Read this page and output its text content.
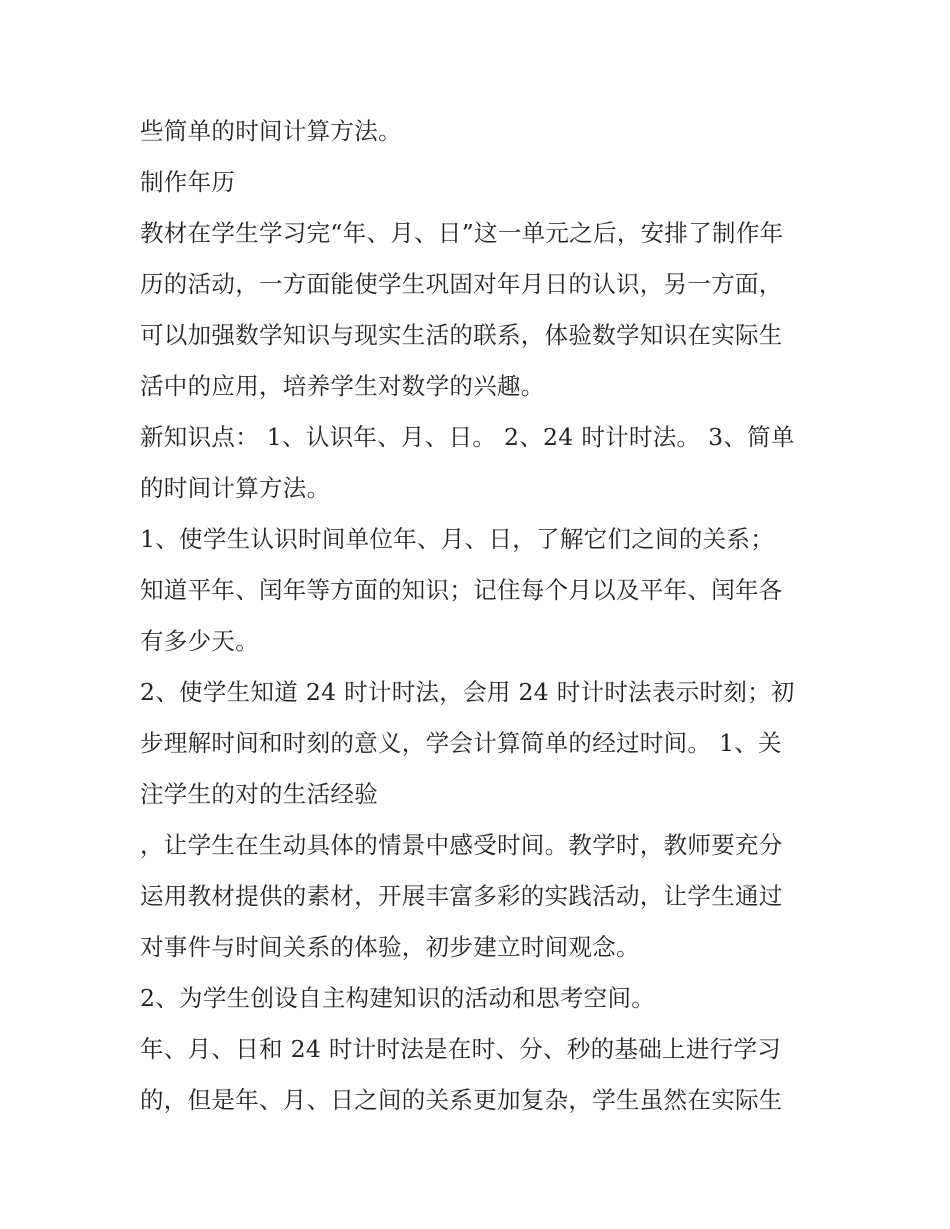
些简单的时间计算方法。
制作年历
教材在学生学习完“年、月、日”这一单元之后，安排了制作年
历的活动，一方面能使学生巩固对年月日的认识，另一方面，
可以加强数学知识与现实生活的联系，体验数学知识在实际生
活中的应用，培养学生对数学的兴趣。
新知识点： 1、认识年、月、日。 2、24 时计时法。 3、简单
的时间计算方法。
1、使学生认识时间单位年、月、日，了解它们之间的关系；
知道平年、闰年等方面的知识；记住每个月以及平年、闰年各
有多少天。
2、使学生知道 24 时计时法，会用 24 时计时法表示时刻；初
步理解时间和时刻的意义，学会计算简单的经过时间。 1、关
注学生的对的生活经验
，让学生在生动具体的情景中感受时间。教学时，教师要充分
运用教材提供的素材，开展丰富多彩的实践活动，让学生通过
对事件与时间关系的体验，初步建立时间观念。
2、为学生创设自主构建知识的活动和思考空间。
年、月、日和 24 时计时法是在时、分、秒的基础上进行学习
的，但是年、月、日之间的关系更加复杂，学生虽然在实际生
